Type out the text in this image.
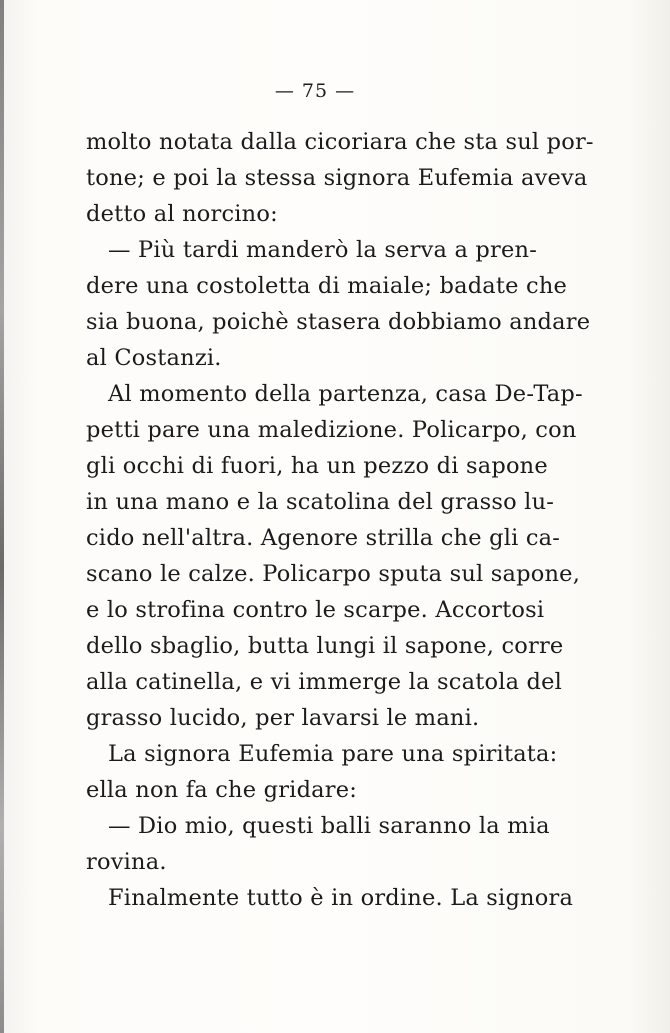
— 75 —
molto notata dalla cicoriara che sta sul por-
tone; e poi la stessa signora Eufemia aveva
detto al norcino:
— Più tardi manderò la serva a pren-
dere una costoletta di maiale; badate che
sia buona, poichè stasera dobbiamo andare
al Costanzi.
Al momento della partenza, casa De-Tap-
petti pare una maledizione. Policarpo, con
gli occhi di fuori, ha un pezzo di sapone
in una mano e la scatolina del grasso lu-
cido nell'altra. Agenore strilla che gli ca-
scano le calze. Policarpo sputa sul sapone,
e lo strofina contro le scarpe. Accortosi
dello sbaglio, butta lungi il sapone, corre
alla catinella, e vi immerge la scatola del
grasso lucido, per lavarsi le mani.
La signora Eufemia pare una spiritata:
ella non fa che gridare:
— Dio mio, questi balli saranno la mia
rovina.
Finalmente tutto è in ordine. La signora
